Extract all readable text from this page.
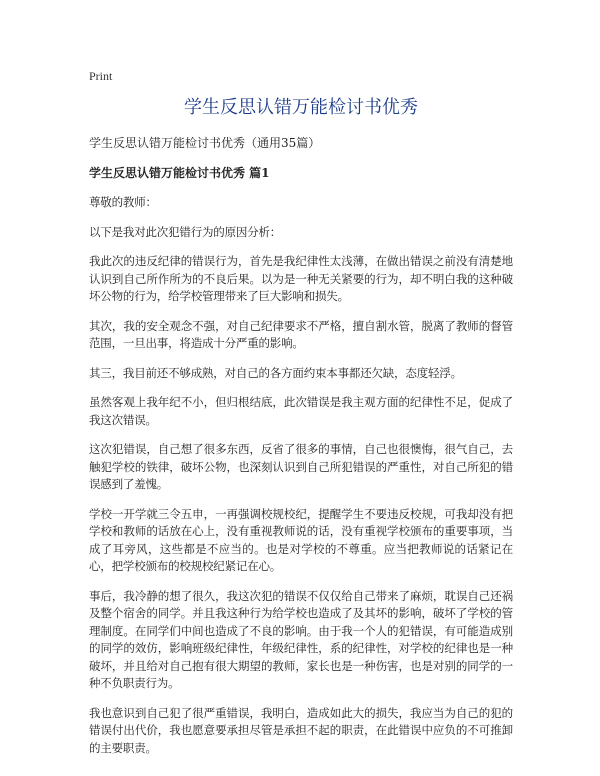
Print
学生反思认错万能检讨书优秀

学生反思认错万能检讨书优秀（通用35篇）

学生反思认错万能检讨书优秀 篇1

尊敬的教师：

以下是我对此次犯错行为的原因分析：

我此次的违反纪律的错误行为，首先是我纪律性太浅薄，在做出错误之前没有清楚地认识到自己所作所为的不良后果。以为是一种无关紧要的行为，却不明白我的这种破坏公物的行为，给学校管理带来了巨大影响和损失。

其次，我的安全观念不强，对自己纪律要求不严格，擅自割水管，脱离了教师的督管范围，一旦出事，将造成十分严重的影响。

其三，我目前还不够成熟，对自己的各方面约束本事都还欠缺，态度轻浮。

虽然客观上我年纪不小，但归根结底，此次错误是我主观方面的纪律性不足，促成了我这次错误。

这次犯错误，自己想了很多东西，反省了很多的事情，自己也很懊悔，很气自己，去触犯学校的铁律，破坏公物，也深刻认识到自己所犯错误的严重性，对自己所犯的错误感到了羞愧。

学校一开学就三令五申，一再强调校规校纪，提醒学生不要违反校规，可我却没有把学校和教师的话放在心上，没有重视教师说的话，没有重视学校颁布的重要事项，当成了耳旁风，这些都是不应当的。也是对学校的不尊重。应当把教师说的话紧记在心，把学校颁布的校规校纪紧记在心。

事后，我冷静的想了很久，我这次犯的错误不仅仅给自己带来了麻烦，耽误自己还祸及整个宿舍的同学。并且我这种行为给学校也造成了及其坏的影响，破坏了学校的管理制度。在同学们中间也造成了不良的影响。由于我一个人的犯错误，有可能造成别的同学的效仿，影响班级纪律性，年级纪律性，系的纪律性，对学校的纪律也是一种破坏，并且给对自己抱有很大期望的教师，家长也是一种伤害，也是对别的同学的一种不负职责行为。

我也意识到自己犯了很严重错误，我明白，造成如此大的损失，我应当为自己的犯的错误付出代价，我也愿意要承担尽管是承担不起的职责，在此错误中应负的不可推卸的主要职责。
